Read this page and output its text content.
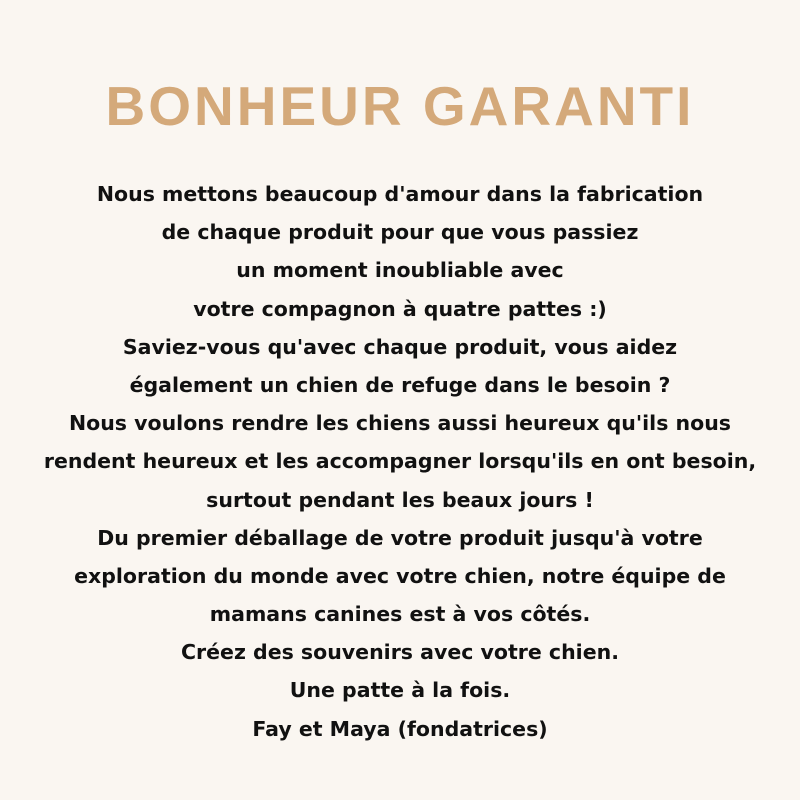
BONHEUR GARANTI
Nous mettons beaucoup d'amour dans la fabrication
de chaque produit pour que vous passiez
un moment inoubliable avec
votre compagnon à quatre pattes :)
Saviez-vous qu'avec chaque produit, vous aidez
également un chien de refuge dans le besoin ?
Nous voulons rendre les chiens aussi heureux qu'ils nous
rendent heureux et les accompagner lorsqu'ils en ont besoin,
surtout pendant les beaux jours !
Du premier déballage de votre produit jusqu'à votre
exploration du monde avec votre chien, notre équipe de
mamans canines est à vos côtés.
Créez des souvenirs avec votre chien.
Une patte à la fois.
Fay et Maya (fondatrices)
